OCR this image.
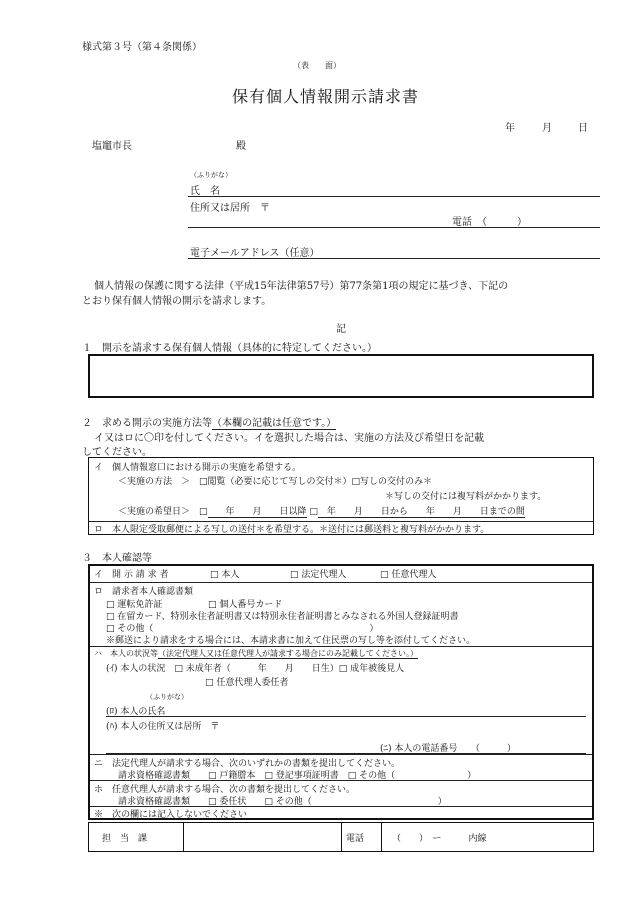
様式第３号（第４条関係）
（表　　面）
保有個人情報開示請求書
年	月	日
塩竈市長	殿
（ふりがな）
氏　名
住所又は居所　〒
電話　（　　　）
電子メールアドレス（任意）
個人情報の保護に関する法律（平成15年法律第57号）第77条第1項の規定に基づき、下記の
とおり保有個人情報の開示を請求します。
記
１　開示を請求する保有個人情報（具体的に特定してください。）
２　求める開示の実施方法等（本欄の記載は任意です。）
イ又はロに〇印を付してください。イを選択した場合は、実施の方法及び希望日を記載
してください。
イ　個人情報窓口における開示の実施を希望する。
＜実施の方法　＞　□閲覧（必要に応じて写しの交付＊）□写しの交付のみ＊
＊写しの交付には複写料がかかります。
＜実施の希望日＞　□　　年　　月　　日以降 □　年　　月　　日から　　年　　月　　日までの間
ロ　本人限定受取郵便による写しの送付＊を希望する。＊送付には郵送料と複写料がかかります。
３　本人確認等
イ　開 示 請 求 者	□ 本人	□ 法定代理人	□ 任意代理人
ロ　請求者本人確認書類
□ 運転免許証	□ 個人番号カード
□ 在留カード、特別永住者証明書又は特別永住者証明書とみなされる外国人登録証明書
□ その他（　　　　　　　　　　　　　　　　　　　　　　　　）
※郵送により請求をする場合には、本請求書に加えて住民票の写し等を添付してください。
ハ　本人の状況等（法定代理人又は任意代理人が請求する場合にのみ記載してください。）
(ｲ) 本人の状況　□ 未成年者（　　　年　　月　　日生）□ 成年被後見人
□ 任意代理人委任者
（ふりがな）
(ﾛ) 本人の氏名
(ﾊ) 本人の住所又は居所　〒
(ﾆ) 本人の電話番号　　（　　　）
ニ　法定代理人が請求する場合、次のいずれかの書類を提出してください。
請求資格確認書類　　□ 戸籍謄本　□ 登記事項証明書　□ その他（　　　　　　　　）
ホ　任意代理人が請求する場合、次の書類を提出してください。
請求資格確認書類　　□ 委任状　　□ その他（　　　　　　　　　　　　　　）
※　次の欄には記入しないでください
担　当　課	電話	（　　）　ー　　　内線
